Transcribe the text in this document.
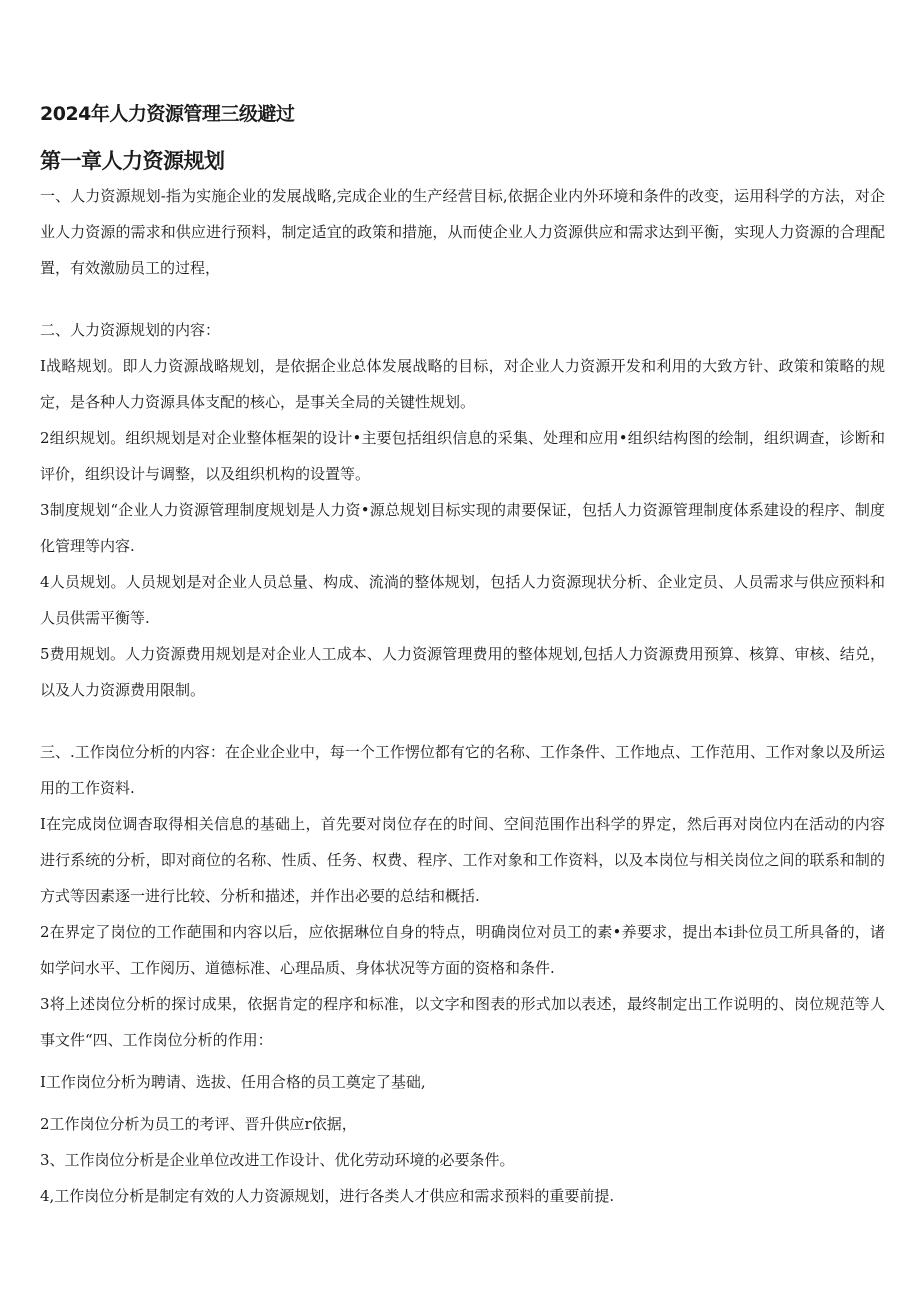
2024年人力资源管理三级避过
第一章人力资源规划

一、人力资源规划-指为实施企业的发展战略,完成企业的生产经营目标,依据企业内外环境和条件的改变，运用科学的方法，对企业人力资源的需求和供应进行预料，制定适宜的政策和措施，从而使企业人力资源供应和需求达到平衡，实现人力资源的合理配置，有效激励员工的过程，

二、人力资源规划的内容：

I战略规划。即人力资源战略规划，是依据企业总体发展战略的目标，对企业人力资源开发和利用的大致方针、政策和策略的规定，是各种人力资源具体支配的核心，是事关全局的关键性规划。

2组织规划。组织规划是对企业整体框架的设计•主要包括组织信息的采集、处理和应用•组织结构图的绘制，组织调查，诊断和评价，组织设计与调整，以及组织机构的设置等。

3制度规划“企业人力资源管理制度规划是人力资•源总规划目标实现的肃要保证，包括人力资源管理制度体系建设的程序、制度化管理等内容.

4人员规划。人员规划是对企业人员总量、构成、流淌的整体规划，包括人力资源现状分析、企业定员、人员需求与供应预料和人员供需平衡等.

5费用规划。人力资源费用规划是对企业人工成本、人力资源管理费用的整体规划,包括人力资源费用预算、核算、审核、结兑，以及人力资源费用限制。

三、.工作岗位分析的内容：在企业企业中，每一个工作愣位都有它的名称、工作条件、工作地点、工作范用、工作对象以及所运用的工作资料.

I在完成岗位调杳取得相关信息的基础上，首先要对岗位存在的时间、空间范围作出科学的界定，然后再对岗位内在活动的内容进行系统的分析，即对商位的名称、性质、任务、权费、程序、工作对象和工作资料，以及本岗位与相关岗位之间的联系和制的方式等因素逐一进行比较、分析和描述，并作出必要的总结和概括.

2在界定了岗位的工作葩围和内容以后，应依据琳位自身的特点，明确岗位对员工的素•养要求，提出本i卦位员工所具备的，诸如学问水平、工作阅历、道德标准、心理品质、身体状况等方面的资格和条件.

3将上述岗位分析的探讨成果，依据肯定的程序和标准，以文字和图表的形式加以表述，最终制定出工作说明的、岗位规范等人事文件“四、工作岗位分析的作用：

I工作岗位分析为聘请、选拔、任用合格的员工奠定了基础,

2工作岗位分析为员工的考评、晋升供应r依据，

3、工作岗位分析是企业单位改进工作设计、优化劳动环境的必要条件。

4,工作岗位分析是制定有效的人力资源规划，进行各类人才供应和需求预料的重要前提.
